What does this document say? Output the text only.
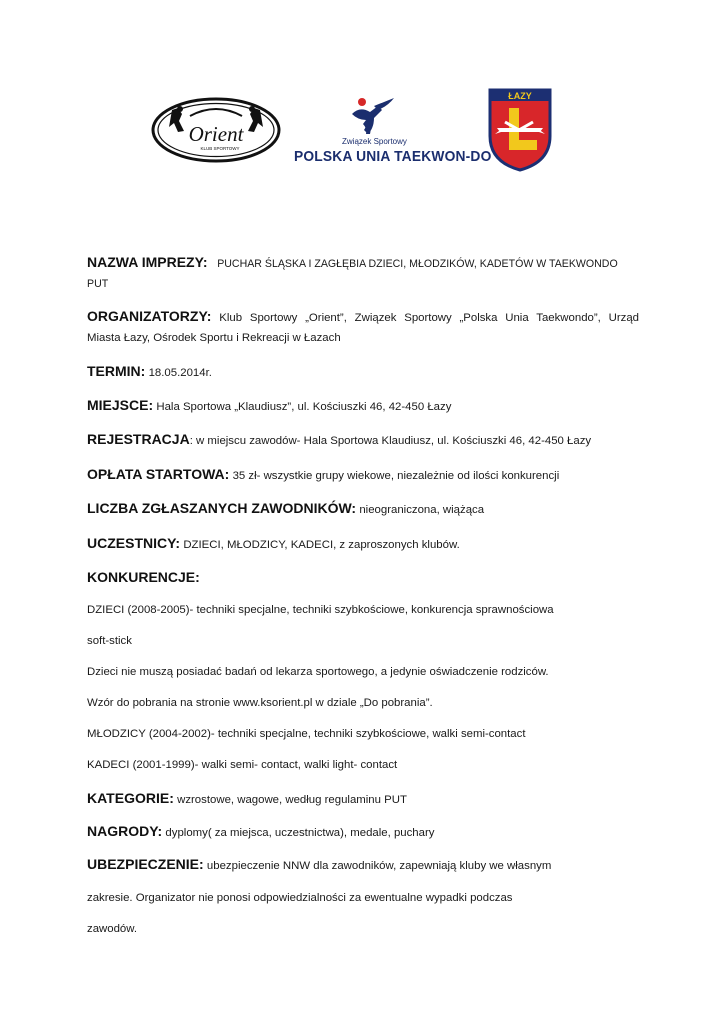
Orient
KLUB SPORTOWY
Związek Sportowy
POLSKA UNIA TAEKWON-DO
ŁAZY
NAZWA IMPREZY: PUCHAR ŚLĄSKA I ZAGŁĘBIA DZIECI, MŁODZIKÓW, KADETÓW W TAEKWONDO
PUT
ORGANIZATORZY: Klub Sportowy „Orient”, Związek Sportowy „Polska Unia Taekwondo”, Urząd
Miasta Łazy, Ośrodek Sportu i Rekreacji w Łazach
TERMIN: 18.05.2014r.
MIEJSCE: Hala Sportowa „Klaudiusz”, ul. Kościuszki 46, 42-450 Łazy
REJESTRACJA: w miejscu zawodów- Hala Sportowa Klaudiusz, ul. Kościuszki 46, 42-450 Łazy
OPŁATA STARTOWA: 35 zł- wszystkie grupy wiekowe, niezależnie od ilości konkurencji
LICZBA ZGŁASZANYCH ZAWODNIKÓW: nieograniczona, wiążąca
UCZESTNICY: DZIECI, MŁODZICY, KADECI, z zaproszonych klubów.
KONKURENCJE:
DZIECI (2008-2005)- techniki specjalne, techniki szybkościowe, konkurencja sprawnościowa
soft-stick
Dzieci nie muszą posiadać badań od lekarza sportowego, a jedynie oświadczenie rodziców.
Wzór do pobrania na stronie www.ksorient.pl w dziale „Do pobrania”.
MŁODZICY (2004-2002)- techniki specjalne, techniki szybkościowe, walki semi-contact
KADECI (2001-1999)- walki semi- contact, walki light- contact
KATEGORIE: wzrostowe, wagowe, według regulaminu PUT
NAGRODY: dyplomy( za miejsca, uczestnictwa), medale, puchary
UBEZPIECZENIE: ubezpieczenie NNW dla zawodników, zapewniają kluby we własnym
zakresie. Organizator nie ponosi odpowiedzialności za ewentualne wypadki podczas
zawodów.
